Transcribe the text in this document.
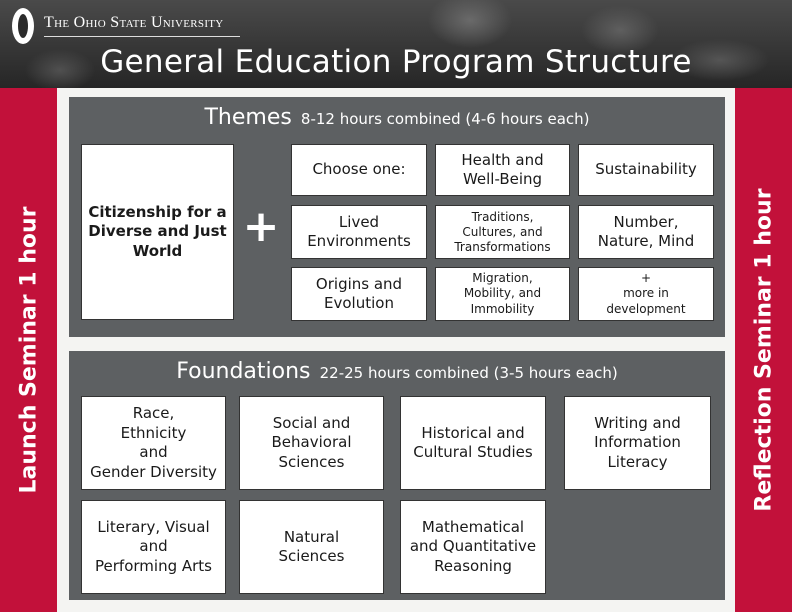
The Ohio State University
General Education Program Structure
Launch Seminar 1 hour	Reflection Seminar 1 hour
Themes 8-12 hours combined (4-6 hours each)
Citizenship for a
Diverse and Just
World	+
Choose one:
Health and
Well-Being
Sustainability
Lived
Environments
Traditions,
Cultures, and
Transformations
Number,
Nature, Mind
Origins and
Evolution
Migration,
Mobility, and
Immobility
+
more in
development
Foundations 22-25 hours combined (3-5 hours each)
Race,
Ethnicity
and
Gender Diversity
Social and
Behavioral
Sciences
Historical and
Cultural Studies
Writing and
Information
Literacy
Literary, Visual
and
Performing Arts
Natural
Sciences
Mathematical
and Quantitative
Reasoning
